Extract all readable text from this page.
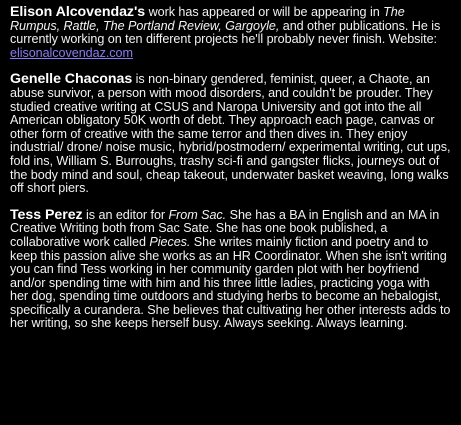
Elison Alcovendaz's work has appeared or will be appearing in The Rumpus, Rattle, The Portland Review, Gargoyle, and other publications. He is currently working on ten different projects he'll probably never finish. Website: elisonalcovendaz.com

Genelle Chaconas is non-binary gendered, feminist, queer, a Chaote, an abuse survivor, a person with mood disorders, and couldn't be prouder. They studied creative writing at CSUS and Naropa University and got into the all American obligatory 50K worth of debt. They approach each page, canvas or other form of creative with the same terror and then dives in. They enjoy industrial/ drone/ noise music, hybrid/postmodern/ experimental writing, cut ups, fold ins, William S. Burroughs, trashy sci-fi and gangster flicks, journeys out of the body mind and soul, cheap takeout, underwater basket weaving, long walks off short piers.

Tess Perez is an editor for From Sac. She has a BA in English and an MA in Creative Writing both from Sac Sate. She has one book published, a collaborative work called Pieces. She writes mainly fiction and poetry and to keep this passion alive she works as an HR Coordinator. When she isn't writing you can find Tess working in her community garden plot with her boyfriend and/or spending time with him and his three little ladies, practicing yoga with her dog, spending time outdoors and studying herbs to become an hebalogist, specifically a curandera. She believes that cultivating her other interests adds to her writing, so she keeps herself busy. Always seeking. Always learning.
